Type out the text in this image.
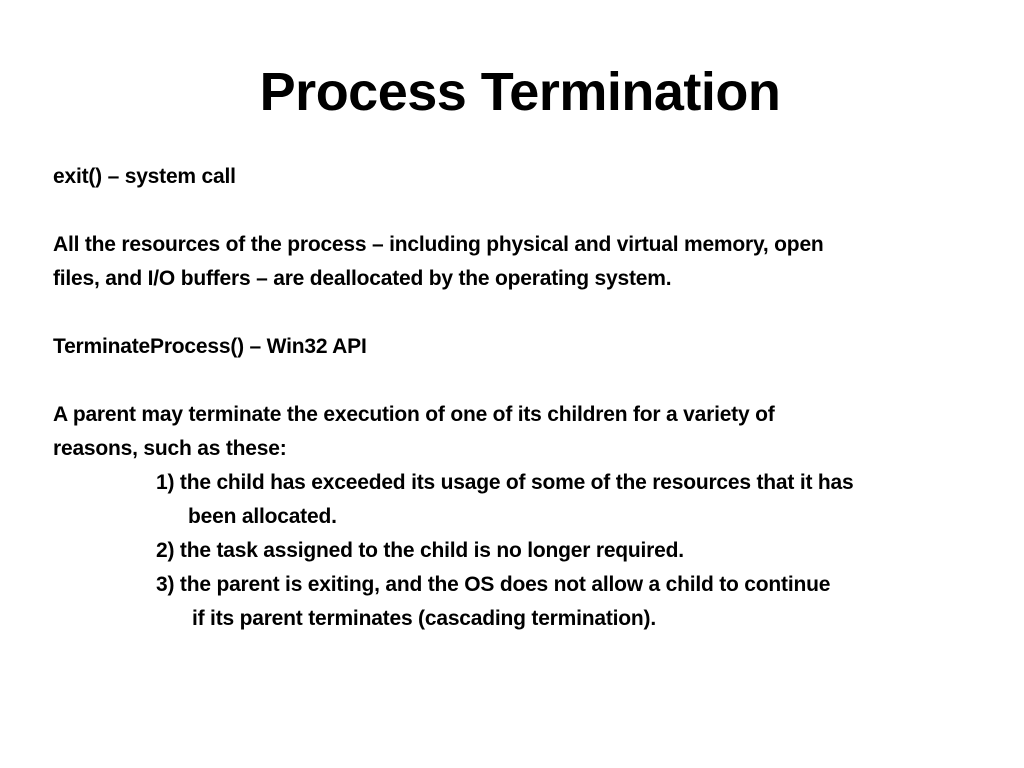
Process Termination
exit() – system call
All the resources of the process – including physical and virtual memory, open
files, and I/O buffers – are deallocated by the operating system.
TerminateProcess() – Win32 API
A parent may terminate the execution of one of its children for a variety of
reasons, such as these:
1) the child has exceeded its usage of some of the resources that it has
been allocated.
2) the task assigned to the child is no longer required.
3) the parent is exiting, and the OS does not allow a child to continue
if its parent terminates (cascading termination).
